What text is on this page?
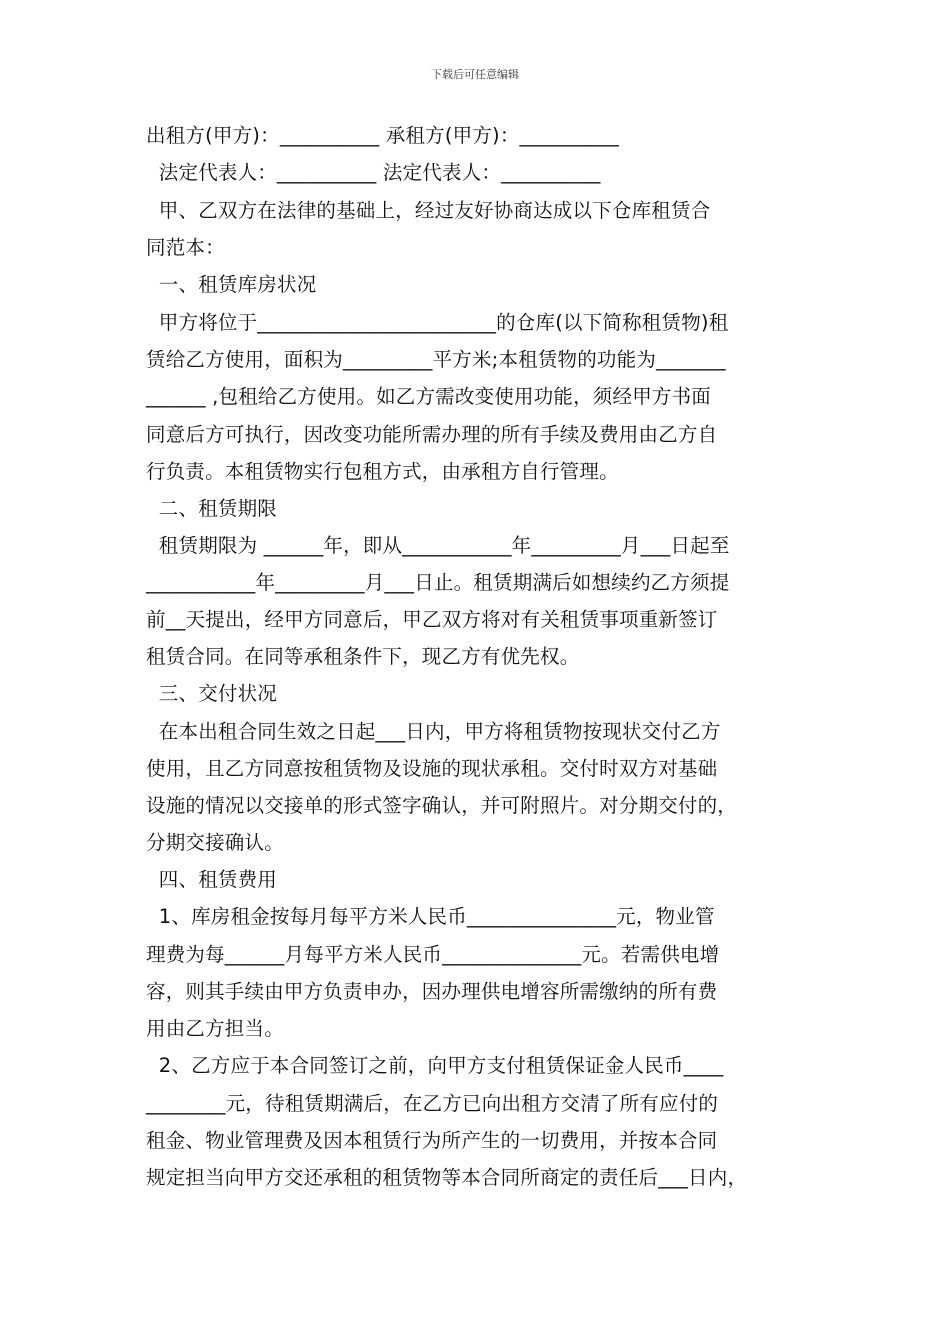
下载后可任意编辑
出租方(甲方)：__________ 承租方(甲方)：__________
法定代表人：__________ 法定代表人：__________
甲、乙双方在法律的基础上，经过友好协商达成以下仓库租赁合
同范本：
一、租赁库房状况
甲方将位于________________________的仓库(以下简称租赁物)租
赁给乙方使用，面积为_________平方米;本租赁物的功能为_______
______ ,包租给乙方使用。如乙方需改变使用功能，须经甲方书面
同意后方可执行，因改变功能所需办理的所有手续及费用由乙方自
行负责。本租赁物实行包租方式，由承租方自行管理。
二、租赁期限
租赁期限为 ______年，即从___________年_________月___日起至
___________年_________月___日止。租赁期满后如想续约乙方须提
前__天提出，经甲方同意后，甲乙双方将对有关租赁事项重新签订
租赁合同。在同等承租条件下，现乙方有优先权。
三、交付状况
在本出租合同生效之日起___日内，甲方将租赁物按现状交付乙方
使用，且乙方同意按租赁物及设施的现状承租。交付时双方对基础
设施的情况以交接单的形式签字确认，并可附照片。对分期交付的，
分期交接确认。
四、租赁费用
1、库房租金按每月每平方米人民币_______________元，物业管
理费为每______月每平方米人民币______________元。若需供电增
容，则其手续由甲方负责申办，因办理供电增容所需缴纳的所有费
用由乙方担当。
2、乙方应于本合同签订之前，向甲方支付租赁保证金人民币____
________元，待租赁期满后，在乙方已向出租方交清了所有应付的
租金、物业管理费及因本租赁行为所产生的一切费用，并按本合同
规定担当向甲方交还承租的租赁物等本合同所商定的责任后___日内，
